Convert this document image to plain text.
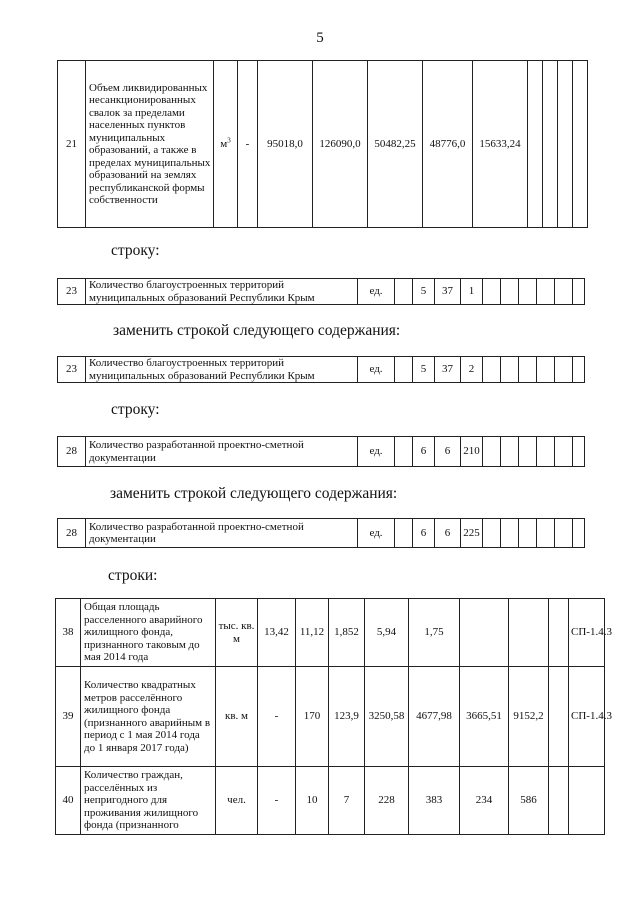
5
21	Объем ликвидированных несанкционированных свалок за пределами населенных пунктов муниципальных образований, а также в пределах муниципальных образований на землях республиканской формы собственности	$м^3$	-	95018,0	126090,0	50482,25	48776,0	15633,24				
строку:
23	Количество благоустроенных территорий муниципальных образований Республики Крым	ед.		5	37	1						
заменить строкой следующего содержания:
23	Количество благоустроенных территорий муниципальных образований Республики Крым	ед.		5	37	2						
строку:
28	Количество разработанной проектно-сметной документации	ед.		6	6	210						
заменить строкой следующего содержания:
28	Количество разработанной проектно-сметной документации	ед.		6	6	225						
строки:
38	Общая площадь расселенного аварийного жилищного фонда, признанного таковым до мая 2014 года	тыс. кв. м	13,42	11,12	1,852	5,94	1,75				СП-1.4.3
39	Количество квадратных метров расселённого жилищного фонда (признанного аварийным в период с 1 мая 2014 года до 1 января 2017 года)	кв. м	-	170	123,9	3250,58	4677,98	3665,51	9152,2		СП-1.4.3
40	Количество граждан, расселённых из непригодного для проживания жилищного фонда (признанного	чел.	-	10	7	228	383	234	586		
